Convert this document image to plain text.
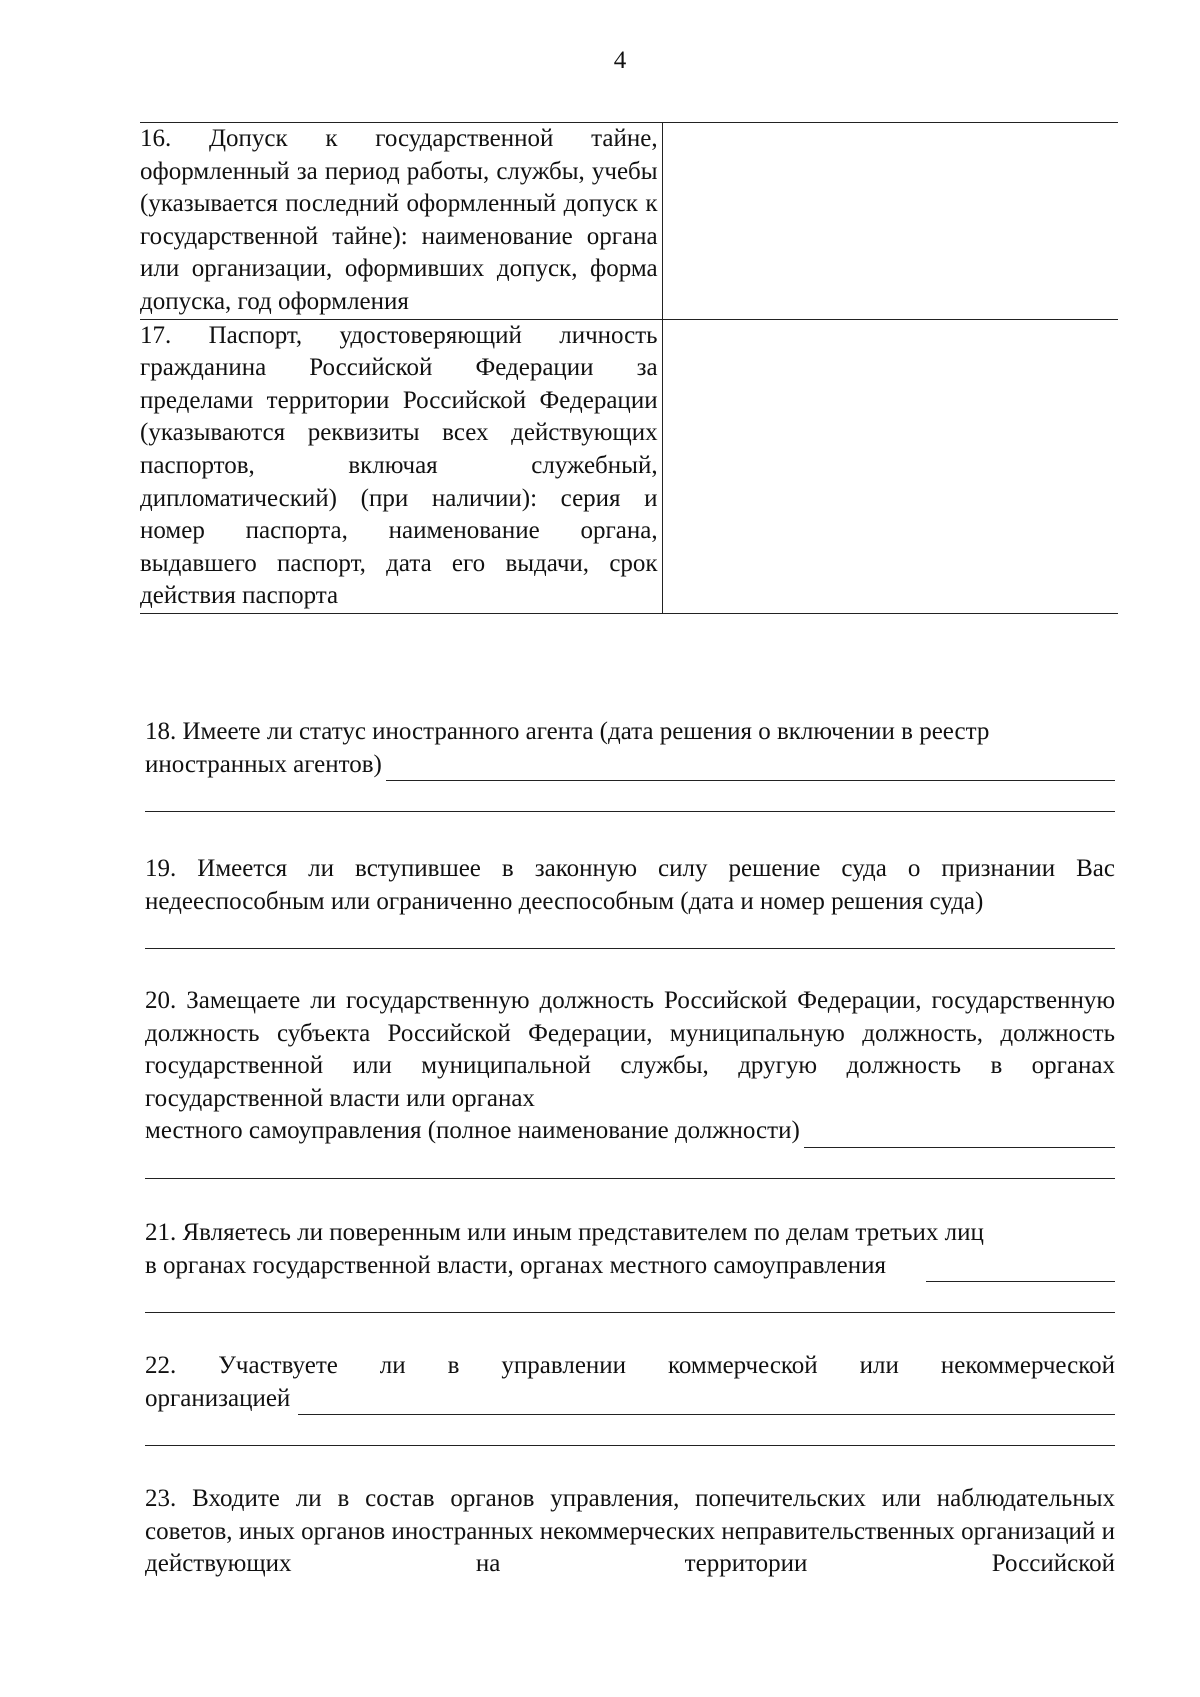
4
16. Допуск к государственной тайне, оформленный за период работы, службы, учебы (указывается последний оформленный допуск к государственной тайне): наименование органа или организации, оформивших допуск, форма допуска, год оформления	
17. Паспорт, удостоверяющий личность гражданина Российской Федерации за пределами территории Российской Федерации (указываются реквизиты всех действующих паспортов, включая служебный, дипломатический) (при наличии): серия и номер паспорта, наименование органа, выдавшего паспорт, дата его выдачи, срок действия паспорта	
18. Имеете ли статус иностранного агента (дата решения о включении в реестр
иностранных агентов)
19. Имеется ли вступившее в законную силу решение суда о признании Вас недееспособным или ограниченно дееспособным (дата и номер решения суда)
20. Замещаете ли государственную должность Российской Федерации, государственную должность субъекта Российской Федерации, муниципальную должность, должность государственной или муниципальной службы, другую должность в органах государственной власти или органах
местного самоуправления (полное наименование должности)
21. Являетесь ли поверенным или иным представителем по делам третьих лиц
в органах государственной власти, органах местного самоуправления
22. Участвуете ли в управлении коммерческой или некоммерческой
организацией
23. Входите ли в состав органов управления, попечительских или наблюдательных советов, иных органов иностранных некоммерческих неправительственных организаций и действующих на территории Российской
